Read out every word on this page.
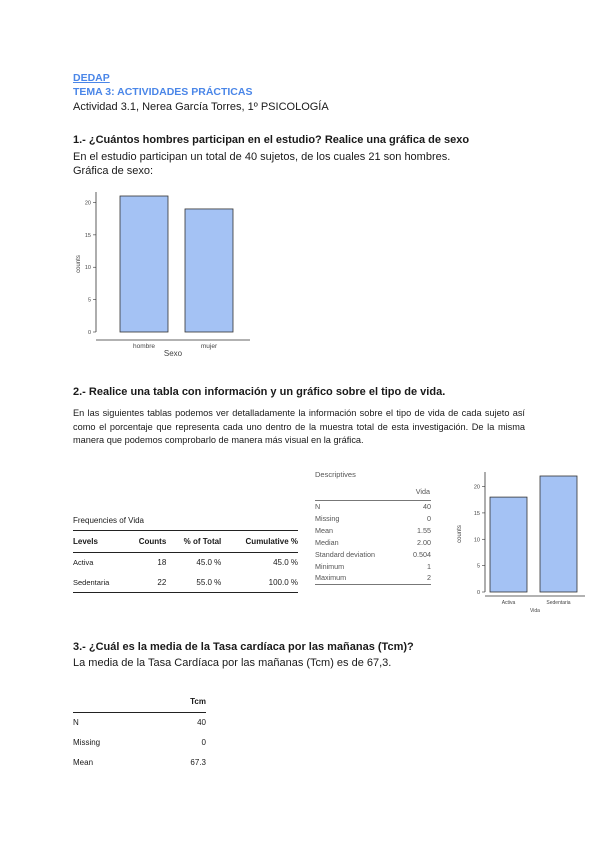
DEDAP
TEMA 3: ACTIVIDADES PRÁCTICAS
Actividad 3.1, Nerea García Torres, 1º PSICOLOGÍA
1.- ¿Cuántos hombres participan en el estudio? Realice una gráfica de sexo
En el estudio participan un total de 40 sujetos, de los cuales 21 son hombres.
Gráfica de sexo:
0
5
10
15
20
counts
hombre	mujer
Sexo
2.- Realice una tabla con información y un gráfico sobre el tipo de vida.
En las siguientes tablas podemos ver detalladamente la información sobre el tipo de vida de cada sujeto así como el porcentaje que representa cada uno dentro de la muestra total de esta investigación. De la misma manera que podemos comprobarlo de manera más visual en la gráfica.
Frequencies of Vida
Levels	Counts	% of Total	Cumulative %
Activa	18	45.0 %	45.0 %
Sedentaria	22	55.0 %	100.0 %
Descriptives
	Vida
N	40
Missing	0
Mean	1.55
Median	2.00
Standard deviation	0.504
Minimum	1
Maximum	2
0
5
10
15
20
counts
Activa	Sedentaria
Vida
3.- ¿Cuál es la media de la Tasa cardíaca por las mañanas (Tcm)?
La media de la Tasa Cardíaca por las mañanas (Tcm) es de 67,3.
	Tcm
N	40
Missing	0
Mean	67.3
